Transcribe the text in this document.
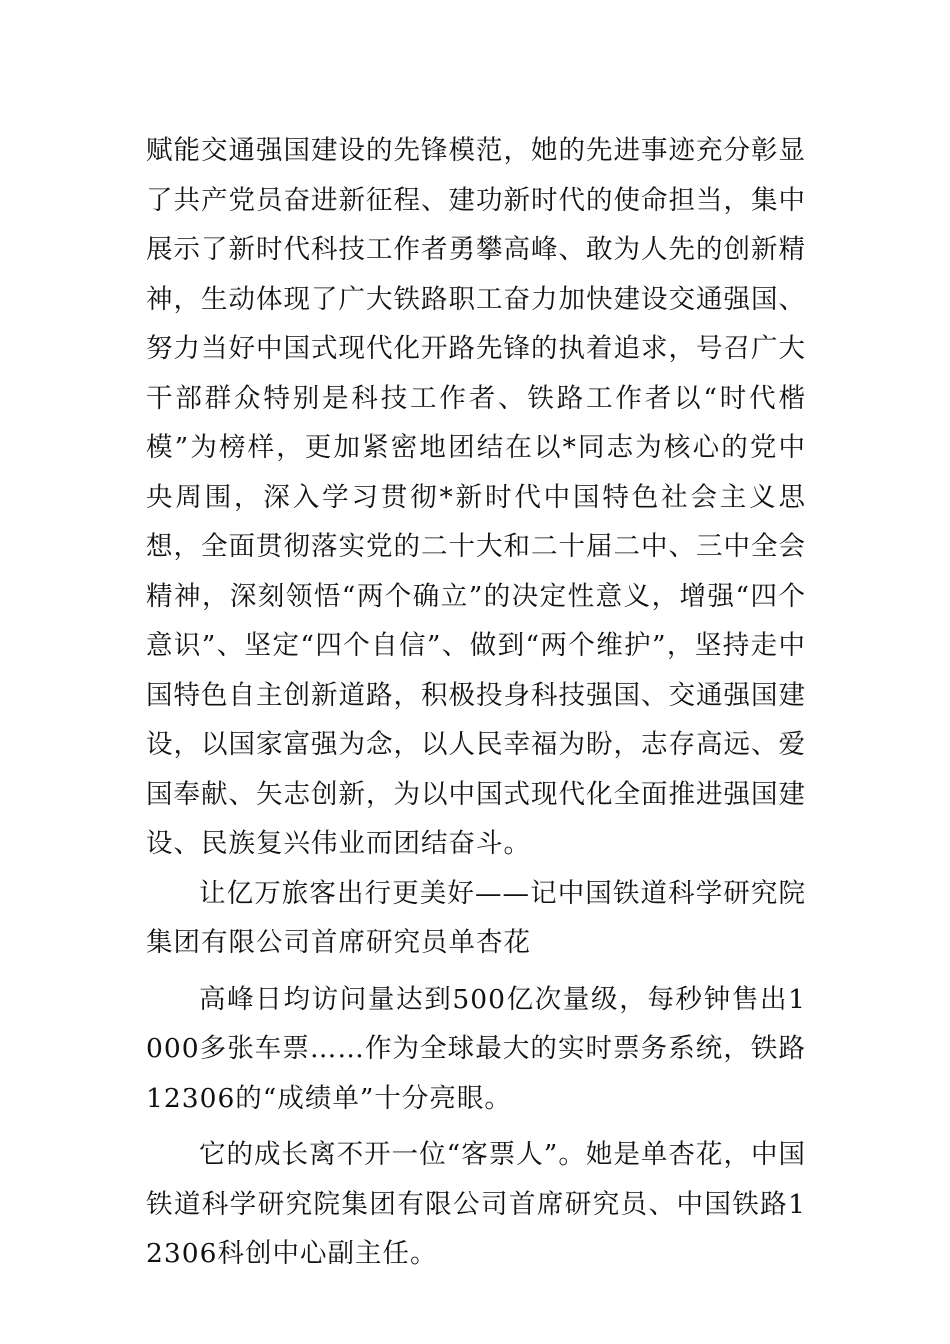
赋能交通强国建设的先锋模范，她的先进事迹充分彰显了共产党员奋进新征程、建功新时代的使命担当，集中展示了新时代科技工作者勇攀高峰、敢为人先的创新精神，生动体现了广大铁路职工奋力加快建设交通强国、努力当好中国式现代化开路先锋的执着追求，号召广大干部群众特别是科技工作者、铁路工作者以“时代楷模”为榜样，更加紧密地团结在以*同志为核心的党中央周围，深入学习贯彻*新时代中国特色社会主义思想，全面贯彻落实党的二十大和二十届二中、三中全会精神，深刻领悟“两个确立”的决定性意义，增强“四个意识”、坚定“四个自信”、做到“两个维护”，坚持走中国特色自主创新道路，积极投身科技强国、交通强国建设，以国家富强为念，以人民幸福为盼，志存高远、爱国奉献、矢志创新，为以中国式现代化全面推进强国建设、民族复兴伟业而团结奋斗。

让亿万旅客出行更美好——记中国铁道科学研究院集团有限公司首席研究员单杏花

高峰日均访问量达到500亿次量级，每秒钟售出1000多张车票……作为全球最大的实时票务系统，铁路12306的“成绩单”十分亮眼。

它的成长离不开一位“客票人”。她是单杏花，中国铁道科学研究院集团有限公司首席研究员、中国铁路12306科创中心副主任。
